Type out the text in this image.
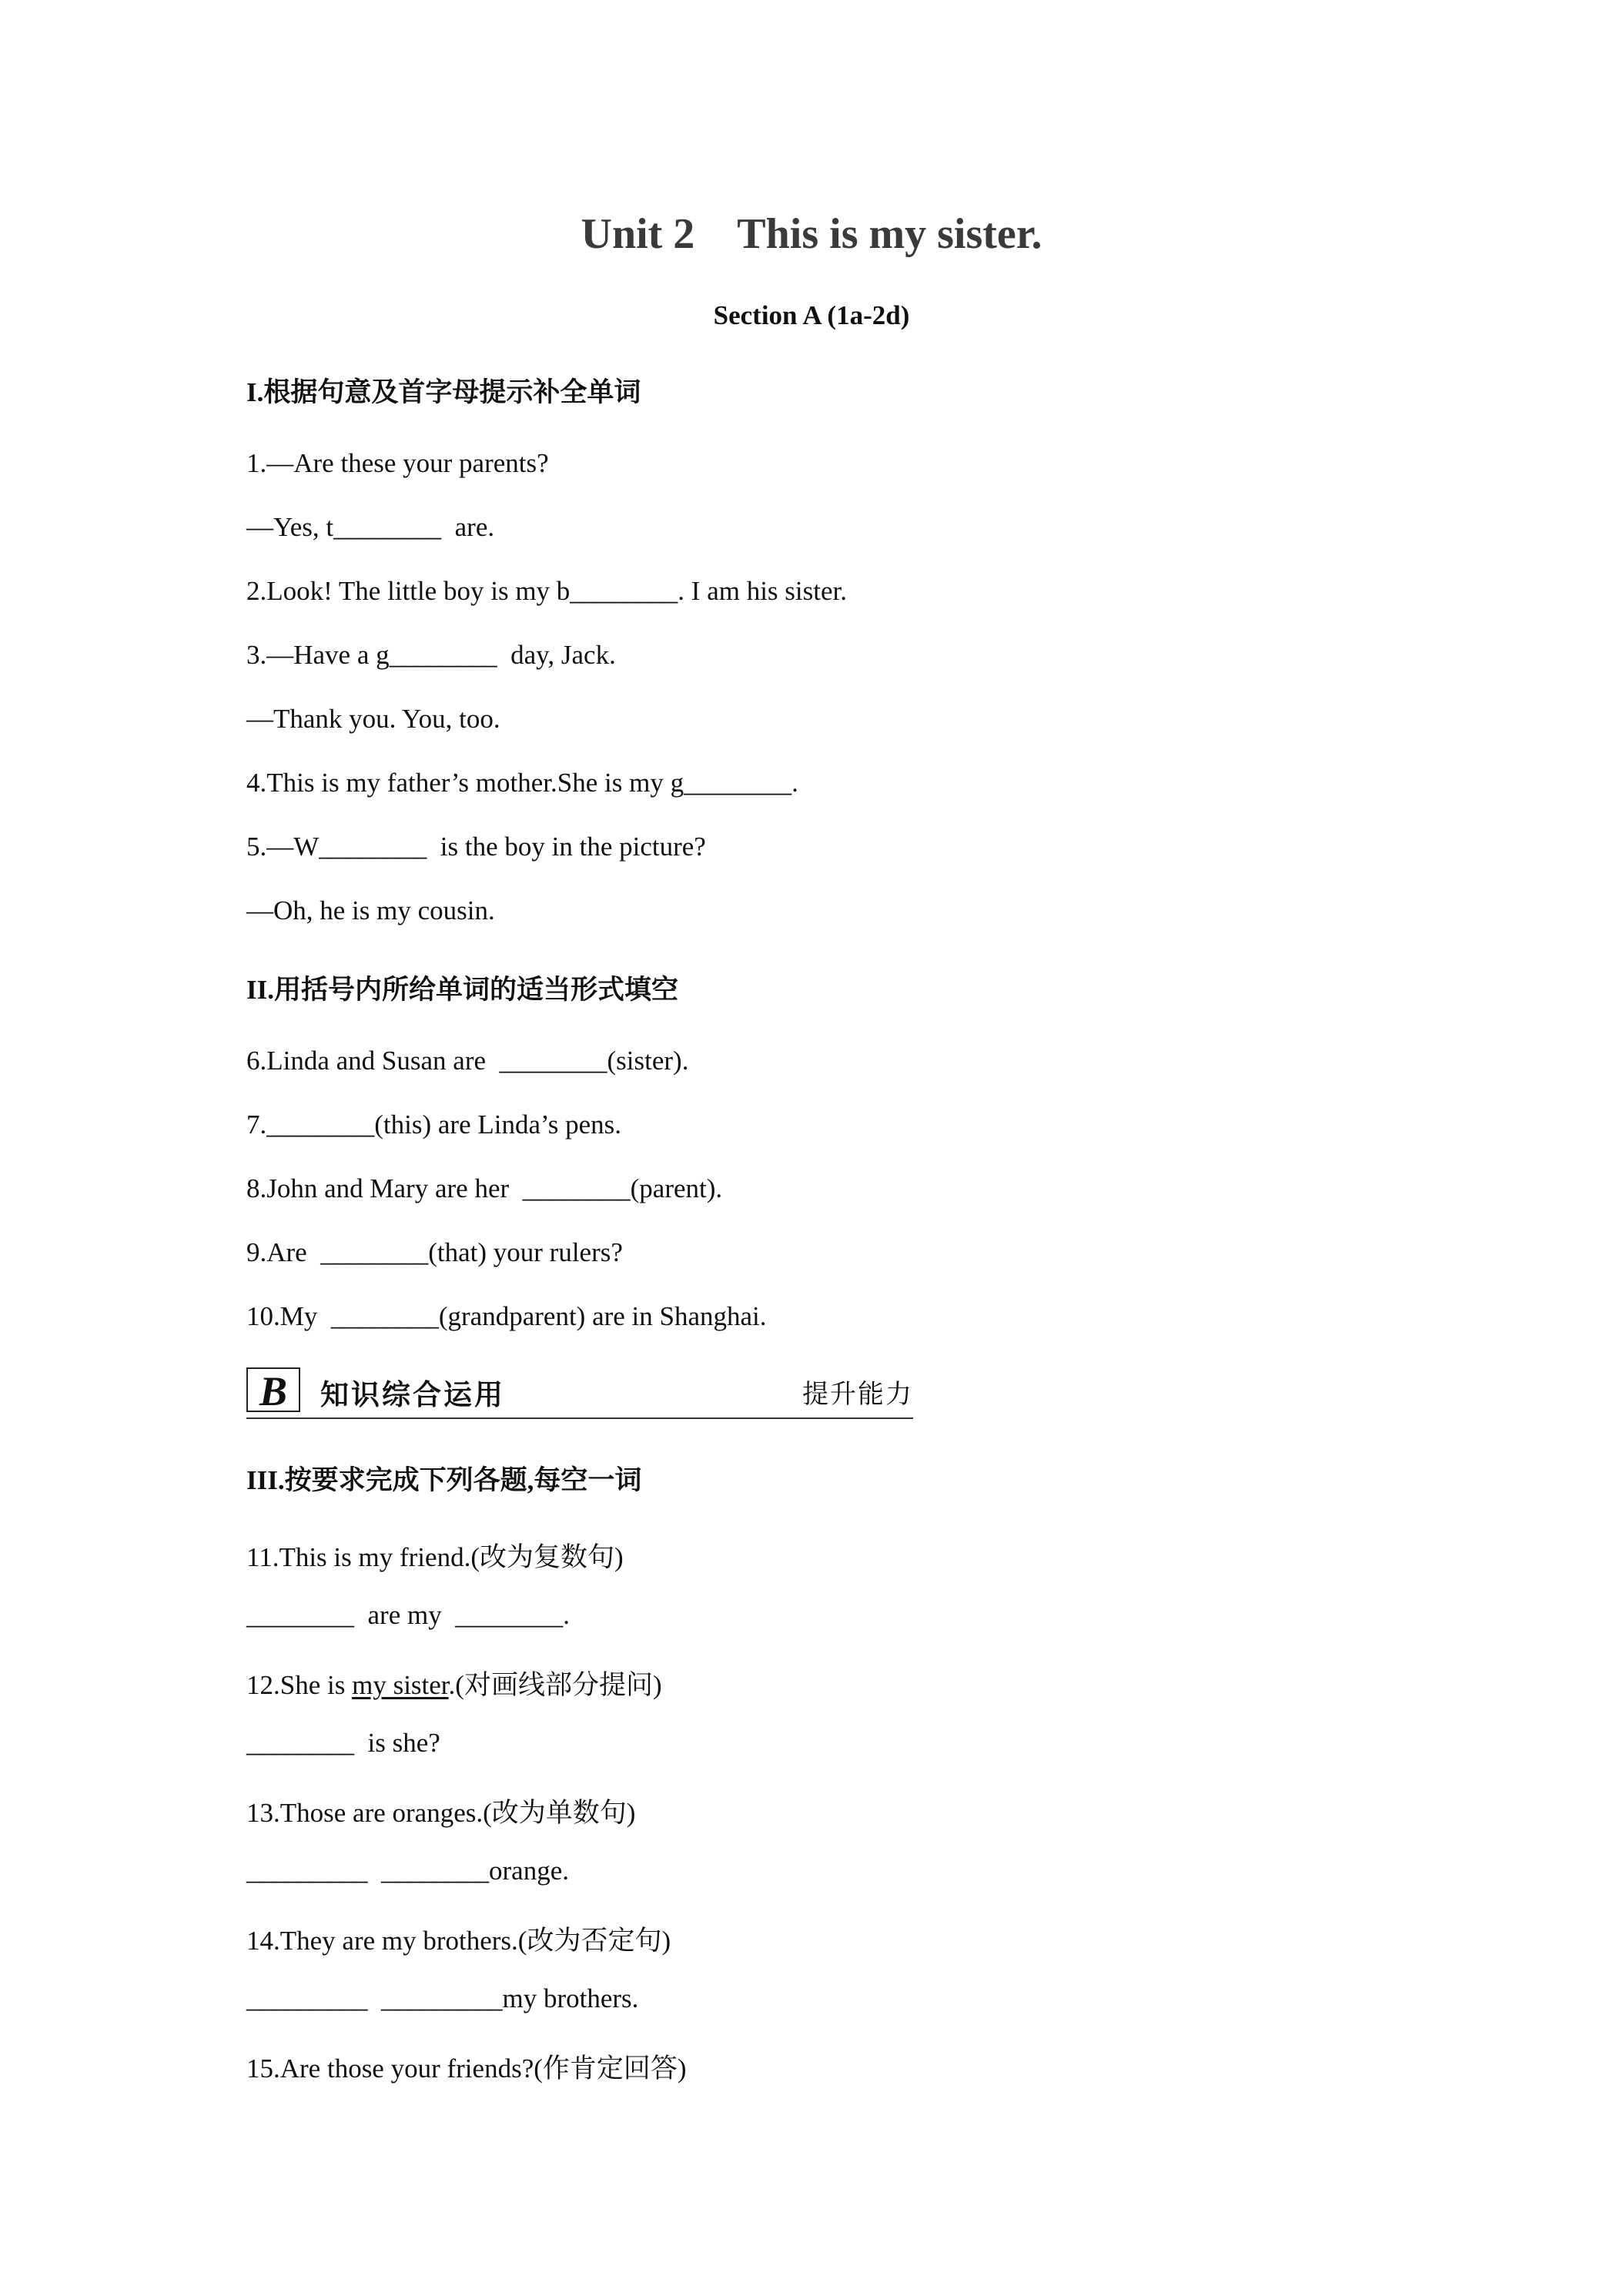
Unit 2    This is my sister.
Section A (1a-2d)
I.根据句意及首字母提示补全单词
1.—Are these your parents?
—Yes, t________  are.
2.Look! The little boy is my b________. I am his sister.
3.—Have a g________  day, Jack.
—Thank you. You, too.
4.This is my father’s mother.She is my g________.
5.—W________  is the boy in the picture?
—Oh, he is my cousin.
II.用括号内所给单词的适当形式填空
6.Linda and Susan are  ________(sister).
7.________(this) are Linda’s pens.
8.John and Mary are her  ________(parent).
9.Are  ________(that) your rulers?
10.My  ________(grandparent) are in Shanghai.
B 知识综合运用	提升能力
III.按要求完成下列各题,每空一词
11.This is my friend.(改为复数句)
________  are my  ________.
12.She is my sister.(对画线部分提问)
________  is she?
13.Those are oranges.(改为单数句)
_________  ________orange.
14.They are my brothers.(改为否定句)
_________  _________my brothers.
15.Are those your friends?(作肯定回答)
